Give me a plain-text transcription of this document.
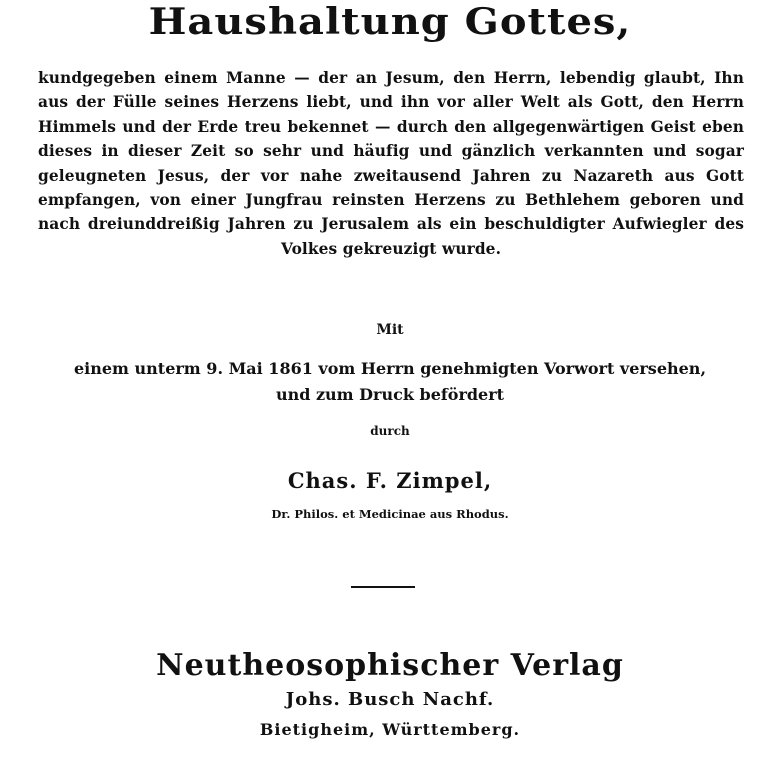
Haushaltung Gottes,
kundgegeben einem Manne — der an Jesum, den Herrn, lebendig glaubt, Ihn aus der Fülle seines Herzens liebt, und ihn vor aller Welt als Gott, den Herrn Himmels und der Erde treu bekennet — durch den allgegenwärtigen Geist eben dieses in dieser Zeit so sehr und häufig und gänzlich verkannten und sogar geleugneten Jesus, der vor nahe zweitausend Jahren zu Nazareth aus Gott empfangen, von einer Jungfrau reinsten Herzens zu Bethlehem geboren und nach dreiunddreißig Jahren zu Jerusalem als ein beschuldigter Aufwiegler des Volkes gekreuzigt wurde.
Mit
einem unterm 9. Mai 1861 vom Herrn genehmigten Vorwort versehen,
und zum Druck befördert
durch
Chas. F. Zimpel,
Dr. Philos. et Medicinae aus Rhodus.
Neutheosophischer Verlag
Johs. Busch Nachf.
Bietigheim, Württemberg.
